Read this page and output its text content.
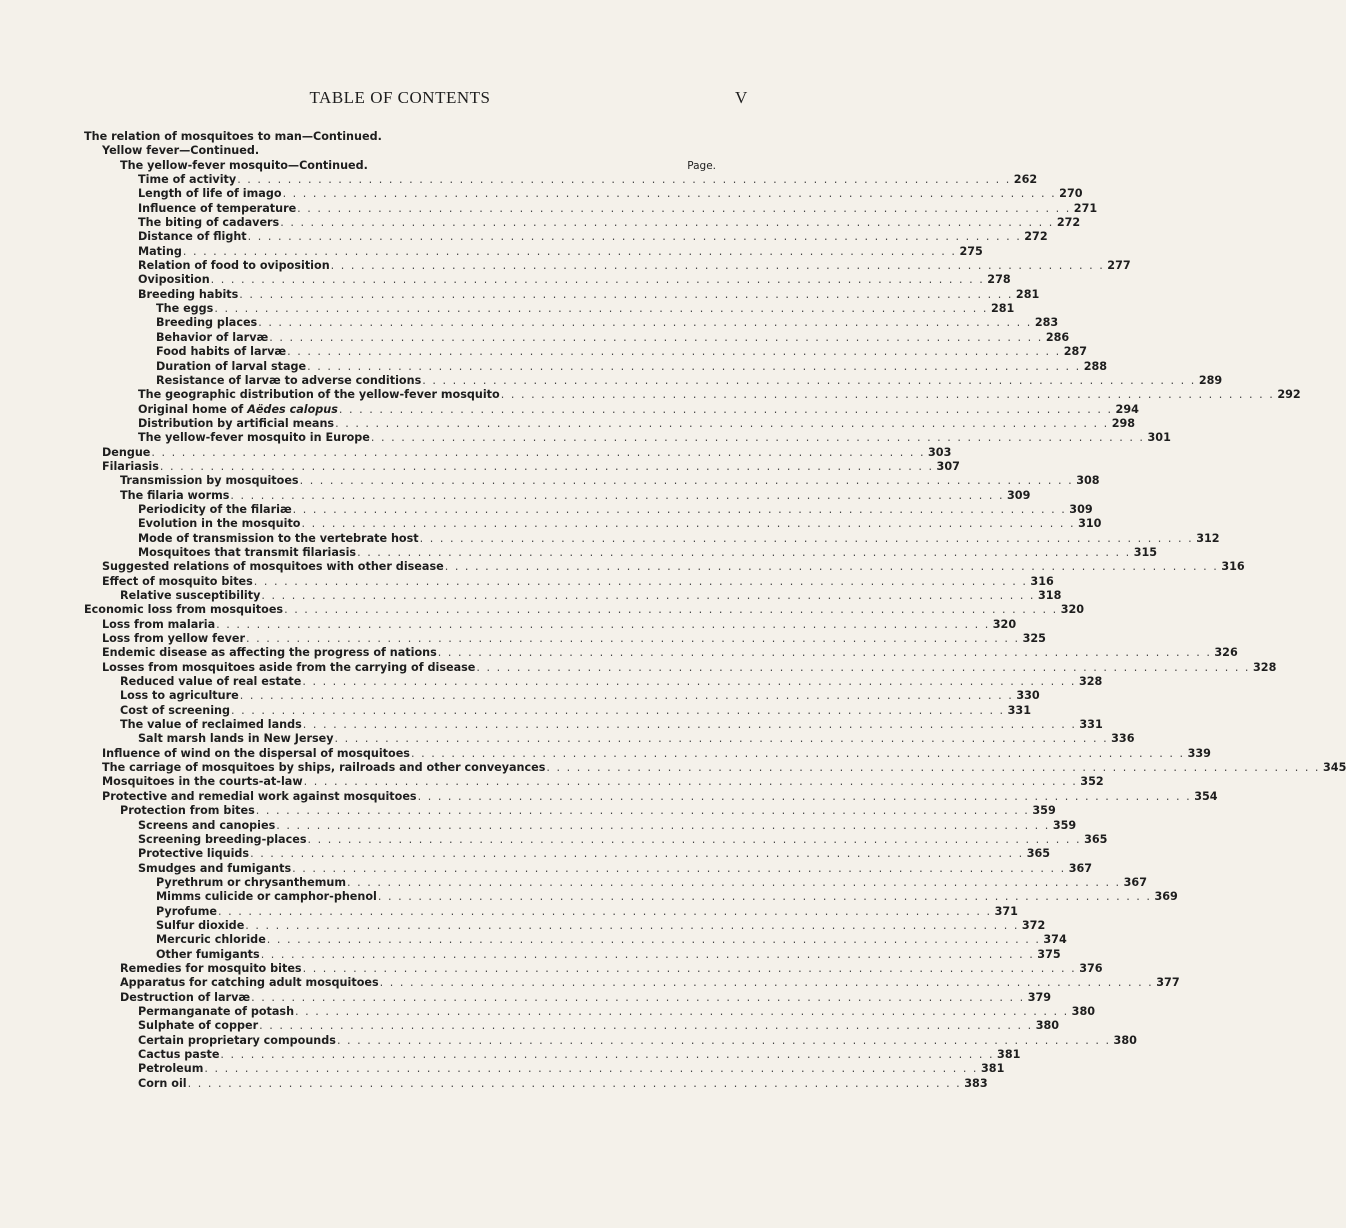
TABLE OF CONTENTS	V
The relation of mosquitoes to man—Continued.
Yellow fever—Continued.
The yellow-fever mosquito—Continued.	Page.
Time of activity . . . . . . . . . . . . . . . . . . . . . . . . . . . . . . . . . . . . . . . . . . . . . . . . . . . . . . . . . . . . . . . . . . . . . . . . . . . . . 262
Length of life of imago . . . . . . . . . . . . . . . . . . . . . . . . . . . . . . . . . . . . . . . . . . . . . . . . . . . . . . . . . . . . . . . . . . . . . . . . . . . . . 270
Influence of temperature . . . . . . . . . . . . . . . . . . . . . . . . . . . . . . . . . . . . . . . . . . . . . . . . . . . . . . . . . . . . . . . . . . . . . . . . . . . . . 271
The biting of cadavers . . . . . . . . . . . . . . . . . . . . . . . . . . . . . . . . . . . . . . . . . . . . . . . . . . . . . . . . . . . . . . . . . . . . . . . . . . . . . 272
Distance of flight . . . . . . . . . . . . . . . . . . . . . . . . . . . . . . . . . . . . . . . . . . . . . . . . . . . . . . . . . . . . . . . . . . . . . . . . . . . . . 272
Mating . . . . . . . . . . . . . . . . . . . . . . . . . . . . . . . . . . . . . . . . . . . . . . . . . . . . . . . . . . . . . . . . . . . . . . . . . . . . . 275
Relation of food to oviposition . . . . . . . . . . . . . . . . . . . . . . . . . . . . . . . . . . . . . . . . . . . . . . . . . . . . . . . . . . . . . . . . . . . . . . . . . . . . . 277
Oviposition . . . . . . . . . . . . . . . . . . . . . . . . . . . . . . . . . . . . . . . . . . . . . . . . . . . . . . . . . . . . . . . . . . . . . . . . . . . . . 278
Breeding habits . . . . . . . . . . . . . . . . . . . . . . . . . . . . . . . . . . . . . . . . . . . . . . . . . . . . . . . . . . . . . . . . . . . . . . . . . . . . . 281
The eggs . . . . . . . . . . . . . . . . . . . . . . . . . . . . . . . . . . . . . . . . . . . . . . . . . . . . . . . . . . . . . . . . . . . . . . . . . . . . . 281
Breeding places . . . . . . . . . . . . . . . . . . . . . . . . . . . . . . . . . . . . . . . . . . . . . . . . . . . . . . . . . . . . . . . . . . . . . . . . . . . . . 283
Behavior of larvæ . . . . . . . . . . . . . . . . . . . . . . . . . . . . . . . . . . . . . . . . . . . . . . . . . . . . . . . . . . . . . . . . . . . . . . . . . . . . . 286
Food habits of larvæ . . . . . . . . . . . . . . . . . . . . . . . . . . . . . . . . . . . . . . . . . . . . . . . . . . . . . . . . . . . . . . . . . . . . . . . . . . . . . 287
Duration of larval stage . . . . . . . . . . . . . . . . . . . . . . . . . . . . . . . . . . . . . . . . . . . . . . . . . . . . . . . . . . . . . . . . . . . . . . . . . . . . . 288
Resistance of larvæ to adverse conditions . . . . . . . . . . . . . . . . . . . . . . . . . . . . . . . . . . . . . . . . . . . . . . . . . . . . . . . . . . . . . . . . . . . . . . . . . . . . . 289
The geographic distribution of the yellow-fever mosquito . . . . . . . . . . . . . . . . . . . . . . . . . . . . . . . . . . . . . . . . . . . . . . . . . . . . . . . . . . . . . . . . . . . . . . . . . . . . . 292
Original home of Aëdes calopus . . . . . . . . . . . . . . . . . . . . . . . . . . . . . . . . . . . . . . . . . . . . . . . . . . . . . . . . . . . . . . . . . . . . . . . . . . . . . 294
Distribution by artificial means . . . . . . . . . . . . . . . . . . . . . . . . . . . . . . . . . . . . . . . . . . . . . . . . . . . . . . . . . . . . . . . . . . . . . . . . . . . . . 298
The yellow-fever mosquito in Europe . . . . . . . . . . . . . . . . . . . . . . . . . . . . . . . . . . . . . . . . . . . . . . . . . . . . . . . . . . . . . . . . . . . . . . . . . . . . . 301
Dengue . . . . . . . . . . . . . . . . . . . . . . . . . . . . . . . . . . . . . . . . . . . . . . . . . . . . . . . . . . . . . . . . . . . . . . . . . . . . . 303
Filariasis . . . . . . . . . . . . . . . . . . . . . . . . . . . . . . . . . . . . . . . . . . . . . . . . . . . . . . . . . . . . . . . . . . . . . . . . . . . . . 307
Transmission by mosquitoes . . . . . . . . . . . . . . . . . . . . . . . . . . . . . . . . . . . . . . . . . . . . . . . . . . . . . . . . . . . . . . . . . . . . . . . . . . . . . 308
The filaria worms . . . . . . . . . . . . . . . . . . . . . . . . . . . . . . . . . . . . . . . . . . . . . . . . . . . . . . . . . . . . . . . . . . . . . . . . . . . . . 309
Periodicity of the filariæ . . . . . . . . . . . . . . . . . . . . . . . . . . . . . . . . . . . . . . . . . . . . . . . . . . . . . . . . . . . . . . . . . . . . . . . . . . . . . 309
Evolution in the mosquito . . . . . . . . . . . . . . . . . . . . . . . . . . . . . . . . . . . . . . . . . . . . . . . . . . . . . . . . . . . . . . . . . . . . . . . . . . . . . 310
Mode of transmission to the vertebrate host . . . . . . . . . . . . . . . . . . . . . . . . . . . . . . . . . . . . . . . . . . . . . . . . . . . . . . . . . . . . . . . . . . . . . . . . . . . . . 312
Mosquitoes that transmit filariasis . . . . . . . . . . . . . . . . . . . . . . . . . . . . . . . . . . . . . . . . . . . . . . . . . . . . . . . . . . . . . . . . . . . . . . . . . . . . . 315
Suggested relations of mosquitoes with other disease . . . . . . . . . . . . . . . . . . . . . . . . . . . . . . . . . . . . . . . . . . . . . . . . . . . . . . . . . . . . . . . . . . . . . . . . . . . . . 316
Effect of mosquito bites . . . . . . . . . . . . . . . . . . . . . . . . . . . . . . . . . . . . . . . . . . . . . . . . . . . . . . . . . . . . . . . . . . . . . . . . . . . . . 316
Relative susceptibility . . . . . . . . . . . . . . . . . . . . . . . . . . . . . . . . . . . . . . . . . . . . . . . . . . . . . . . . . . . . . . . . . . . . . . . . . . . . . 318
Economic loss from mosquitoes . . . . . . . . . . . . . . . . . . . . . . . . . . . . . . . . . . . . . . . . . . . . . . . . . . . . . . . . . . . . . . . . . . . . . . . . . . . . . 320
Loss from malaria . . . . . . . . . . . . . . . . . . . . . . . . . . . . . . . . . . . . . . . . . . . . . . . . . . . . . . . . . . . . . . . . . . . . . . . . . . . . . 320
Loss from yellow fever . . . . . . . . . . . . . . . . . . . . . . . . . . . . . . . . . . . . . . . . . . . . . . . . . . . . . . . . . . . . . . . . . . . . . . . . . . . . . 325
Endemic disease as affecting the progress of nations . . . . . . . . . . . . . . . . . . . . . . . . . . . . . . . . . . . . . . . . . . . . . . . . . . . . . . . . . . . . . . . . . . . . . . . . . . . . . 326
Losses from mosquitoes aside from the carrying of disease . . . . . . . . . . . . . . . . . . . . . . . . . . . . . . . . . . . . . . . . . . . . . . . . . . . . . . . . . . . . . . . . . . . . . . . . . . . . . 328
Reduced value of real estate . . . . . . . . . . . . . . . . . . . . . . . . . . . . . . . . . . . . . . . . . . . . . . . . . . . . . . . . . . . . . . . . . . . . . . . . . . . . . 328
Loss to agriculture . . . . . . . . . . . . . . . . . . . . . . . . . . . . . . . . . . . . . . . . . . . . . . . . . . . . . . . . . . . . . . . . . . . . . . . . . . . . . 330
Cost of screening . . . . . . . . . . . . . . . . . . . . . . . . . . . . . . . . . . . . . . . . . . . . . . . . . . . . . . . . . . . . . . . . . . . . . . . . . . . . . 331
The value of reclaimed lands . . . . . . . . . . . . . . . . . . . . . . . . . . . . . . . . . . . . . . . . . . . . . . . . . . . . . . . . . . . . . . . . . . . . . . . . . . . . . 331
Salt marsh lands in New Jersey . . . . . . . . . . . . . . . . . . . . . . . . . . . . . . . . . . . . . . . . . . . . . . . . . . . . . . . . . . . . . . . . . . . . . . . . . . . . . 336
Influence of wind on the dispersal of mosquitoes . . . . . . . . . . . . . . . . . . . . . . . . . . . . . . . . . . . . . . . . . . . . . . . . . . . . . . . . . . . . . . . . . . . . . . . . . . . . . 339
The carriage of mosquitoes by ships, railroads and other conveyances . . . . . . . . . . . . . . . . . . . . . . . . . . . . . . . . . . . . . . . . . . . . . . . . . . . . . . . . . . . . . . . . . . . . . . . . . . . . . 345
Mosquitoes in the courts-at-law . . . . . . . . . . . . . . . . . . . . . . . . . . . . . . . . . . . . . . . . . . . . . . . . . . . . . . . . . . . . . . . . . . . . . . . . . . . . . 352
Protective and remedial work against mosquitoes . . . . . . . . . . . . . . . . . . . . . . . . . . . . . . . . . . . . . . . . . . . . . . . . . . . . . . . . . . . . . . . . . . . . . . . . . . . . . 354
Protection from bites . . . . . . . . . . . . . . . . . . . . . . . . . . . . . . . . . . . . . . . . . . . . . . . . . . . . . . . . . . . . . . . . . . . . . . . . . . . . . 359
Screens and canopies . . . . . . . . . . . . . . . . . . . . . . . . . . . . . . . . . . . . . . . . . . . . . . . . . . . . . . . . . . . . . . . . . . . . . . . . . . . . . 359
Screening breeding-places . . . . . . . . . . . . . . . . . . . . . . . . . . . . . . . . . . . . . . . . . . . . . . . . . . . . . . . . . . . . . . . . . . . . . . . . . . . . . 365
Protective liquids . . . . . . . . . . . . . . . . . . . . . . . . . . . . . . . . . . . . . . . . . . . . . . . . . . . . . . . . . . . . . . . . . . . . . . . . . . . . . 365
Smudges and fumigants . . . . . . . . . . . . . . . . . . . . . . . . . . . . . . . . . . . . . . . . . . . . . . . . . . . . . . . . . . . . . . . . . . . . . . . . . . . . . 367
Pyrethrum or chrysanthemum . . . . . . . . . . . . . . . . . . . . . . . . . . . . . . . . . . . . . . . . . . . . . . . . . . . . . . . . . . . . . . . . . . . . . . . . . . . . . 367
Mimms culicide or camphor-phenol . . . . . . . . . . . . . . . . . . . . . . . . . . . . . . . . . . . . . . . . . . . . . . . . . . . . . . . . . . . . . . . . . . . . . . . . . . . . . 369
Pyrofume . . . . . . . . . . . . . . . . . . . . . . . . . . . . . . . . . . . . . . . . . . . . . . . . . . . . . . . . . . . . . . . . . . . . . . . . . . . . . 371
Sulfur dioxide . . . . . . . . . . . . . . . . . . . . . . . . . . . . . . . . . . . . . . . . . . . . . . . . . . . . . . . . . . . . . . . . . . . . . . . . . . . . . 372
Mercuric chloride . . . . . . . . . . . . . . . . . . . . . . . . . . . . . . . . . . . . . . . . . . . . . . . . . . . . . . . . . . . . . . . . . . . . . . . . . . . . . 374
Other fumigants . . . . . . . . . . . . . . . . . . . . . . . . . . . . . . . . . . . . . . . . . . . . . . . . . . . . . . . . . . . . . . . . . . . . . . . . . . . . . 375
Remedies for mosquito bites . . . . . . . . . . . . . . . . . . . . . . . . . . . . . . . . . . . . . . . . . . . . . . . . . . . . . . . . . . . . . . . . . . . . . . . . . . . . . 376
Apparatus for catching adult mosquitoes . . . . . . . . . . . . . . . . . . . . . . . . . . . . . . . . . . . . . . . . . . . . . . . . . . . . . . . . . . . . . . . . . . . . . . . . . . . . . 377
Destruction of larvæ . . . . . . . . . . . . . . . . . . . . . . . . . . . . . . . . . . . . . . . . . . . . . . . . . . . . . . . . . . . . . . . . . . . . . . . . . . . . . 379
Permanganate of potash . . . . . . . . . . . . . . . . . . . . . . . . . . . . . . . . . . . . . . . . . . . . . . . . . . . . . . . . . . . . . . . . . . . . . . . . . . . . . 380
Sulphate of copper . . . . . . . . . . . . . . . . . . . . . . . . . . . . . . . . . . . . . . . . . . . . . . . . . . . . . . . . . . . . . . . . . . . . . . . . . . . . . 380
Certain proprietary compounds . . . . . . . . . . . . . . . . . . . . . . . . . . . . . . . . . . . . . . . . . . . . . . . . . . . . . . . . . . . . . . . . . . . . . . . . . . . . . 380
Cactus paste . . . . . . . . . . . . . . . . . . . . . . . . . . . . . . . . . . . . . . . . . . . . . . . . . . . . . . . . . . . . . . . . . . . . . . . . . . . . . 381
Petroleum . . . . . . . . . . . . . . . . . . . . . . . . . . . . . . . . . . . . . . . . . . . . . . . . . . . . . . . . . . . . . . . . . . . . . . . . . . . . . 381
Corn oil . . . . . . . . . . . . . . . . . . . . . . . . . . . . . . . . . . . . . . . . . . . . . . . . . . . . . . . . . . . . . . . . . . . . . . . . . . . . . 383
